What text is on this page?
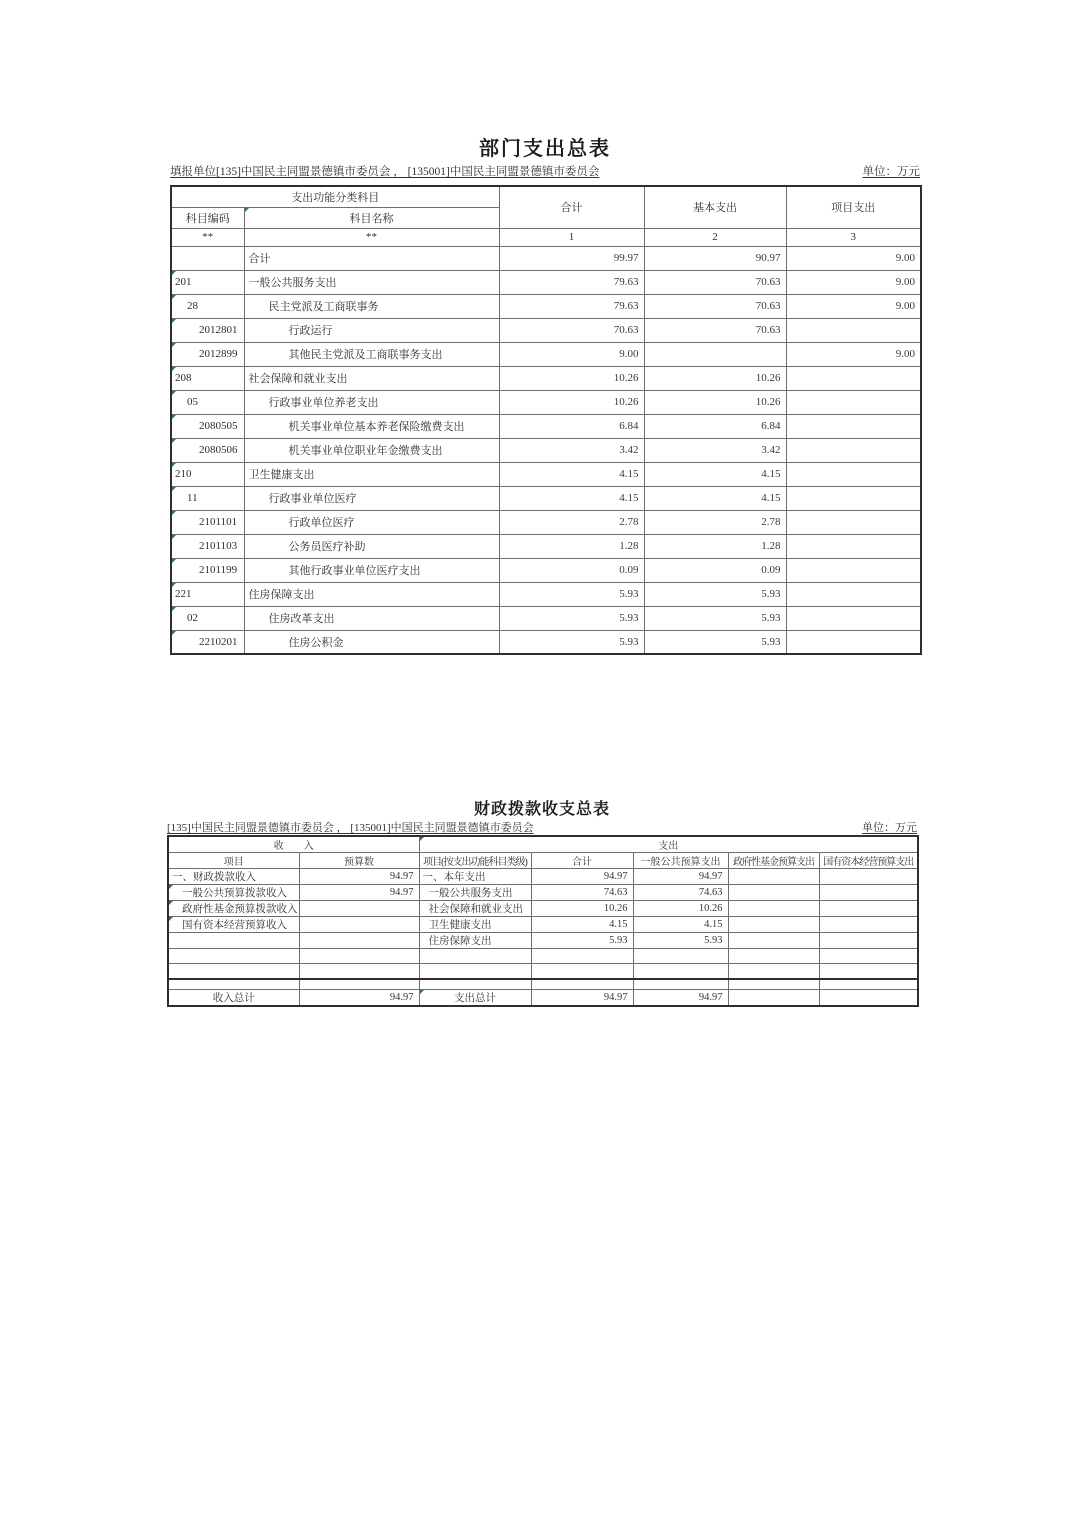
部门支出总表
填报单位[135]中国民主同盟景德镇市委员会 ， [135001]中国民主同盟景德镇市委员会	单位：万元
支出功能分类科目		合计	基本支出	项目支出
科目编码	科目名称			
**	**	1	2	3
	合计	99.97	90.97	9.00
201	一般公共服务支出	79.63	70.63	9.00
28	民主党派及工商联事务	79.63	70.63	9.00
2012801	行政运行	70.63	70.63	
2012899	其他民主党派及工商联事务支出	9.00		9.00
208	社会保障和就业支出	10.26	10.26	
05	行政事业单位养老支出	10.26	10.26	
2080505	机关事业单位基本养老保险缴费支出	6.84	6.84	
2080506	机关事业单位职业年金缴费支出	3.42	3.42	
210	卫生健康支出	4.15	4.15	
11	行政事业单位医疗	4.15	4.15	
2101101	行政单位医疗	2.78	2.78	
2101103	公务员医疗补助	1.28	1.28	
2101199	其他行政事业单位医疗支出	0.09	0.09	
221	住房保障支出	5.93	5.93	
02	住房改革支出	5.93	5.93	
2210201	住房公积金	5.93	5.93	
财政拨款收支总表
[135]中国民主同盟景德镇市委员会 ， [135001]中国民主同盟景德镇市委员会	单位：万元
收　　入		支出				
项目	预算数	项目(按支出功能科目类级)	合计	一般公共预算支出	政府性基金预算支出	国有资本经营预算支出
一、财政拨款收入	94.97	一、本年支出	94.97	94.97		
一般公共预算拨款收入	94.97	一般公共服务支出	74.63	74.63		
政府性基金预算拨款收入		社会保障和就业支出	10.26	10.26		
国有资本经营预算收入		卫生健康支出	4.15	4.15		
		住房保障支出	5.93	5.93		

收入总计	94.97	支出总计	94.97	94.97		
